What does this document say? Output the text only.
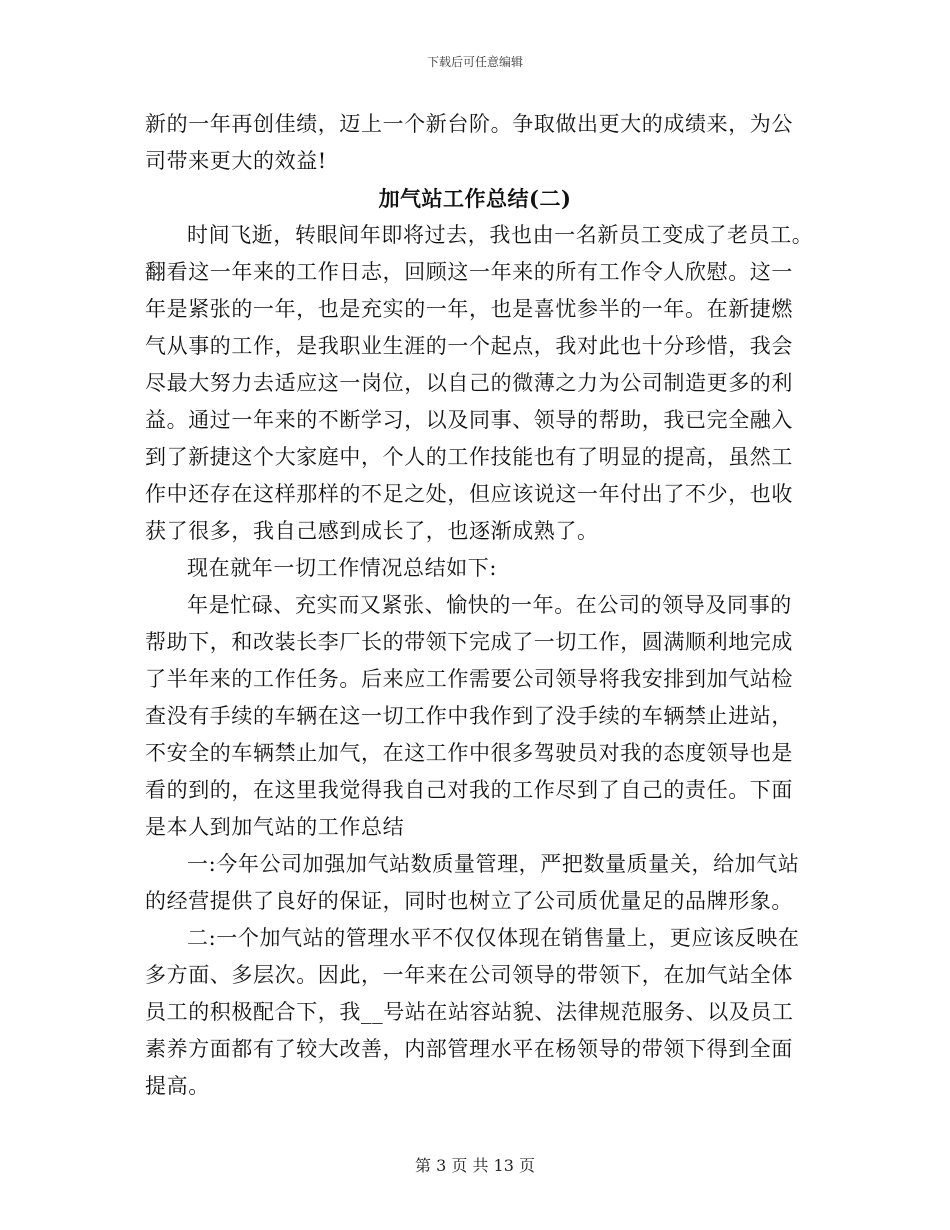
下载后可任意编辑
新的一年再创佳绩，迈上一个新台阶。争取做出更大的成绩来，为公
司带来更大的效益!
加气站工作总结(二)
时间飞逝，转眼间年即将过去，我也由一名新员工变成了老员工。
翻看这一年来的工作日志，回顾这一年来的所有工作令人欣慰。这一
年是紧张的一年，也是充实的一年，也是喜忧参半的一年。在新捷燃
气从事的工作，是我职业生涯的一个起点，我对此也十分珍惜，我会
尽最大努力去适应这一岗位，以自己的微薄之力为公司制造更多的利
益。通过一年来的不断学习，以及同事、领导的帮助，我已完全融入
到了新捷这个大家庭中，个人的工作技能也有了明显的提高，虽然工
作中还存在这样那样的不足之处，但应该说这一年付出了不少，也收
获了很多，我自己感到成长了，也逐渐成熟了。
现在就年一切工作情况总结如下:
年是忙碌、充实而又紧张、愉快的一年。在公司的领导及同事的
帮助下，和改装长李厂长的带领下完成了一切工作，圆满顺利地完成
了半年来的工作任务。后来应工作需要公司领导将我安排到加气站检
查没有手续的车辆在这一切工作中我作到了没手续的车辆禁止进站，
不安全的车辆禁止加气，在这工作中很多驾驶员对我的态度领导也是
看的到的，在这里我觉得我自己对我的工作尽到了自己的责任。下面
是本人到加气站的工作总结
一:今年公司加强加气站数质量管理，严把数量质量关，给加气站
的经营提供了良好的保证，同时也树立了公司质优量足的品牌形象。
二:一个加气站的管理水平不仅仅体现在销售量上，更应该反映在
多方面、多层次。因此，一年来在公司领导的带领下，在加气站全体
员工的积极配合下，我__号站在站容站貌、法律规范服务、以及员工
素养方面都有了较大改善，内部管理水平在杨领导的带领下得到全面
提高。
第 3 页 共 13 页
